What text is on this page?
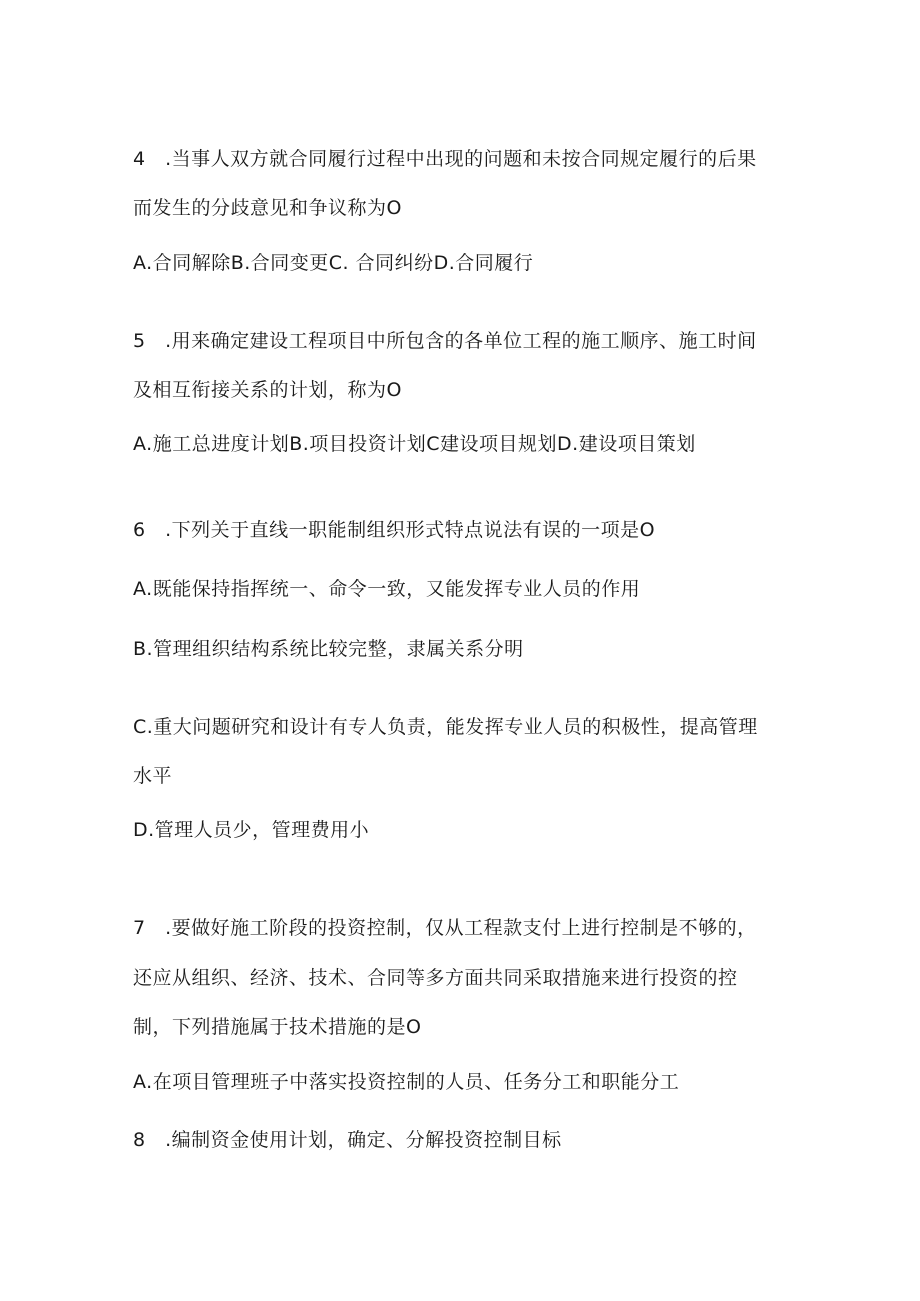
4　.当事人双方就合同履行过程中出现的问题和未按合同规定履行的后果
而发生的分歧意见和争议称为O
A.合同解除B.合同变更C. 合同纠纷D.合同履行
5　.用来确定建设工程项目中所包含的各单位工程的施工顺序、施工时间
及相互衔接关系的计划，称为O
A.施工总进度计划B.项目投资计划C建设项目规划D.建设项目策划
6　.下列关于直线一职能制组织形式特点说法有误的一项是O
A.既能保持指挥统一、命令一致，又能发挥专业人员的作用
B.管理组织结构系统比较完整，隶属关系分明
C.重大问题研究和设计有专人负责，能发挥专业人员的积极性，提高管理
水平
D.管理人员少，管理费用小
7　.要做好施工阶段的投资控制，仅从工程款支付上进行控制是不够的，
还应从组织、经济、技术、合同等多方面共同采取措施来进行投资的控
制，下列措施属于技术措施的是O
A.在项目管理班子中落实投资控制的人员、任务分工和职能分工
8　.编制资金使用计划，确定、分解投资控制目标
